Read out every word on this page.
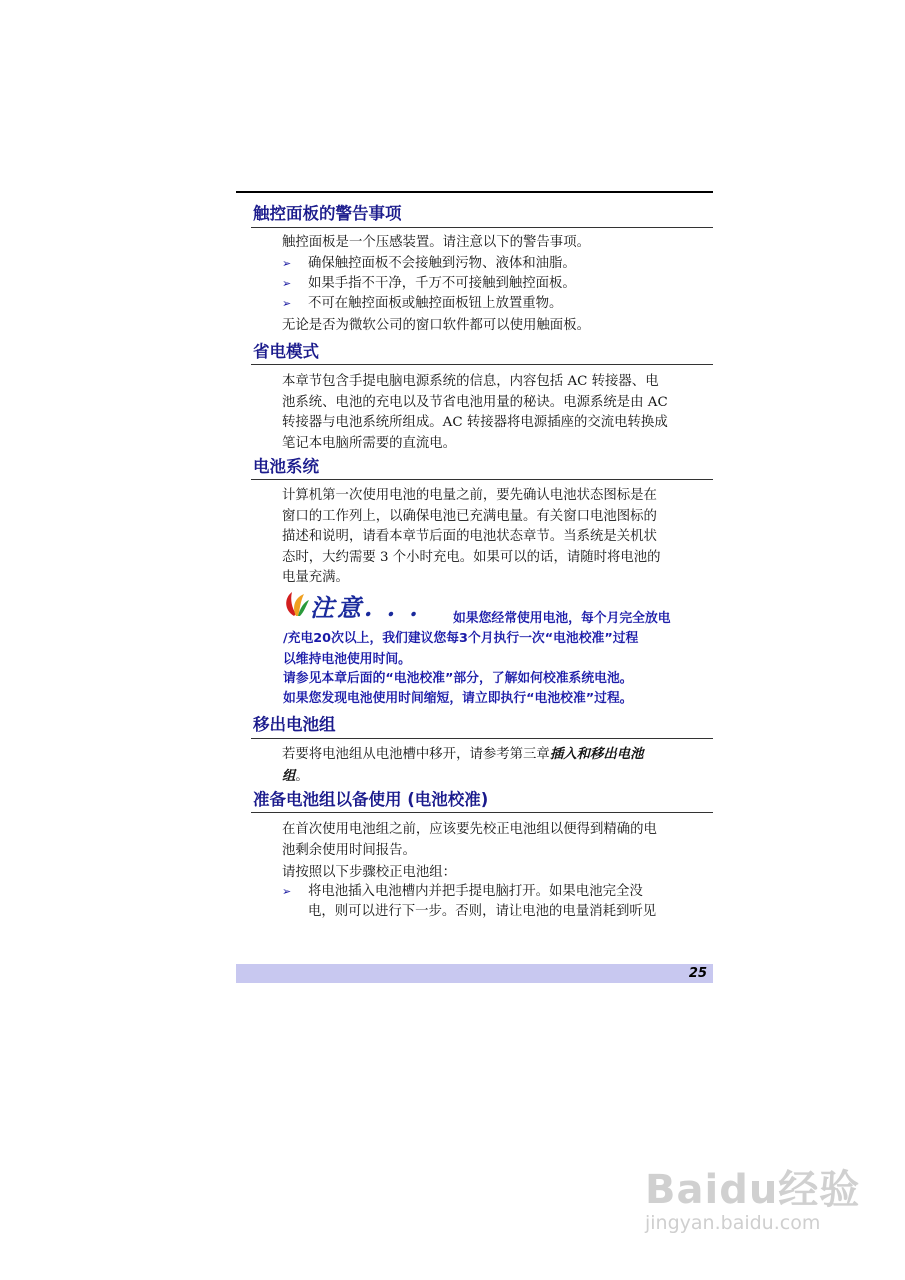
触控面板的警告事项
触控面板是一个压感装置。请注意以下的警告事项。
➢ 确保触控面板不会接触到污物、液体和油脂。
➢ 如果手指不干净，千万不可接触到触控面板。
➢ 不可在触控面板或触控面板钮上放置重物。
无论是否为微软公司的窗口软件都可以使用触面板。
省电模式
本章节包含手提电脑电源系统的信息，内容包括 AC 转接器、电
池系统、电池的充电以及节省电池用量的秘诀。电源系统是由 AC
转接器与电池系统所组成。AC 转接器将电源插座的交流电转换成
笔记本电脑所需要的直流电。
电池系统
计算机第一次使用电池的电量之前，要先确认电池状态图标是在
窗口的工作列上，以确保电池已充满电量。有关窗口电池图标的
描述和说明，请看本章节后面的电池状态章节。当系统是关机状
态时，大约需要 3 个小时充电。如果可以的话，请随时将电池的
电量充满。
注意. . .	如果您经常使用电池，每个月完全放电
/充电20次以上，我们建议您每3个月执行一次“电池校准”过程
以维持电池使用时间。
请参见本章后面的“电池校准”部分，了解如何校准系统电池。
如果您发现电池使用时间缩短，请立即执行“电池校准”过程。
移出电池组
若要将电池组从电池槽中移开，请参考第三章插入和移出电池
组。
准备电池组以备使用 (电池校准)
在首次使用电池组之前，应该要先校正电池组以便得到精确的电
池剩余使用时间报告。
请按照以下步骤校正电池组：
➢ 将电池插入电池槽内并把手提电脑打开。如果电池完全没
电，则可以进行下一步。否则，请让电池的电量消耗到听见
25
Baidu经验
jingyan.baidu.com
